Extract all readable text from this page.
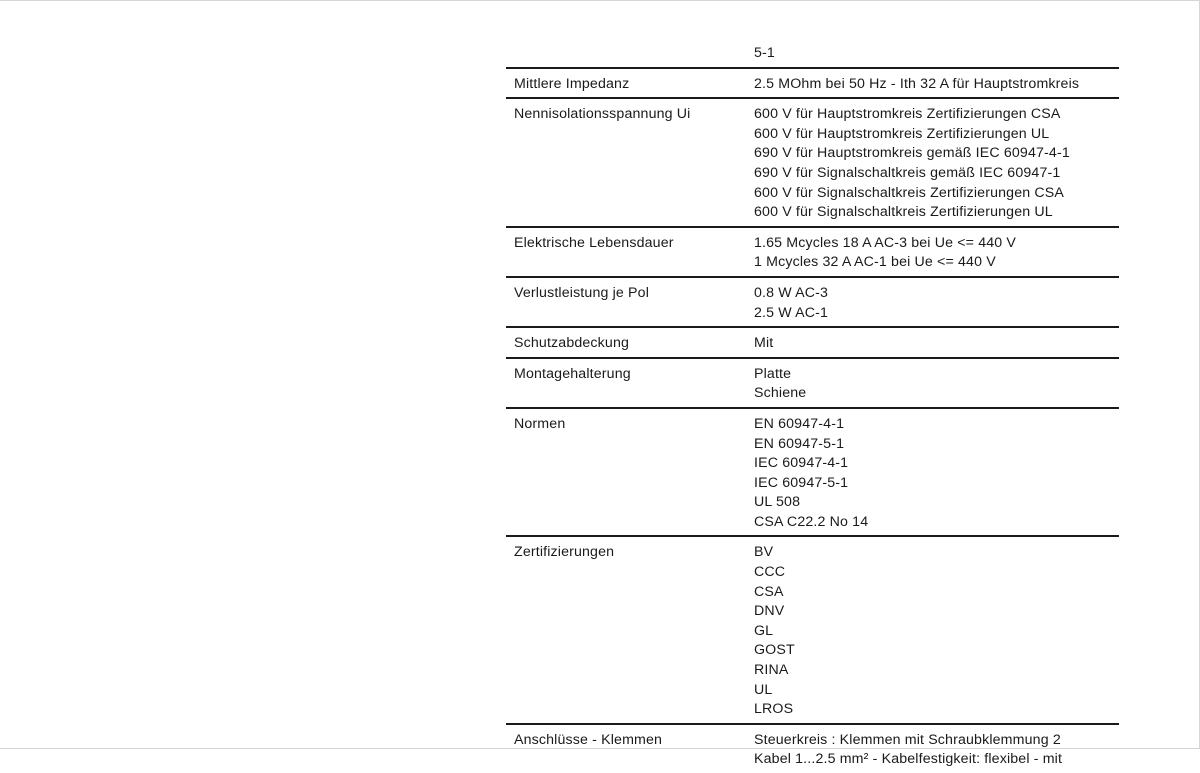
5-1
Mittlere Impedanz	2.5 MOhm bei 50 Hz - Ith 32 A für Hauptstromkreis
Nennisolationsspannung Ui	600 V für Hauptstromkreis Zertifizierungen CSA
600 V für Hauptstromkreis Zertifizierungen UL
690 V für Hauptstromkreis gemäß IEC 60947-4-1
690 V für Signalschaltkreis gemäß IEC 60947-1
600 V für Signalschaltkreis Zertifizierungen CSA
600 V für Signalschaltkreis Zertifizierungen UL
Elektrische Lebensdauer	1.65 Mcycles 18 A AC-3 bei Ue <= 440 V
1 Mcycles 32 A AC-1 bei Ue <= 440 V
Verlustleistung je Pol	0.8 W AC-3
2.5 W AC-1
Schutzabdeckung	Mit
Montagehalterung	Platte
Schiene
Normen	EN 60947-4-1
EN 60947-5-1
IEC 60947-4-1
IEC 60947-5-1
UL 508
CSA C22.2 No 14
Zertifizierungen	BV
CCC
CSA
DNV
GL
GOST
RINA
UL
LROS
Anschlüsse - Klemmen	Steuerkreis : Klemmen mit Schraubklemmung 2
Kabel 1...2.5 mm² - Kabelfestigkeit: flexibel - mit
